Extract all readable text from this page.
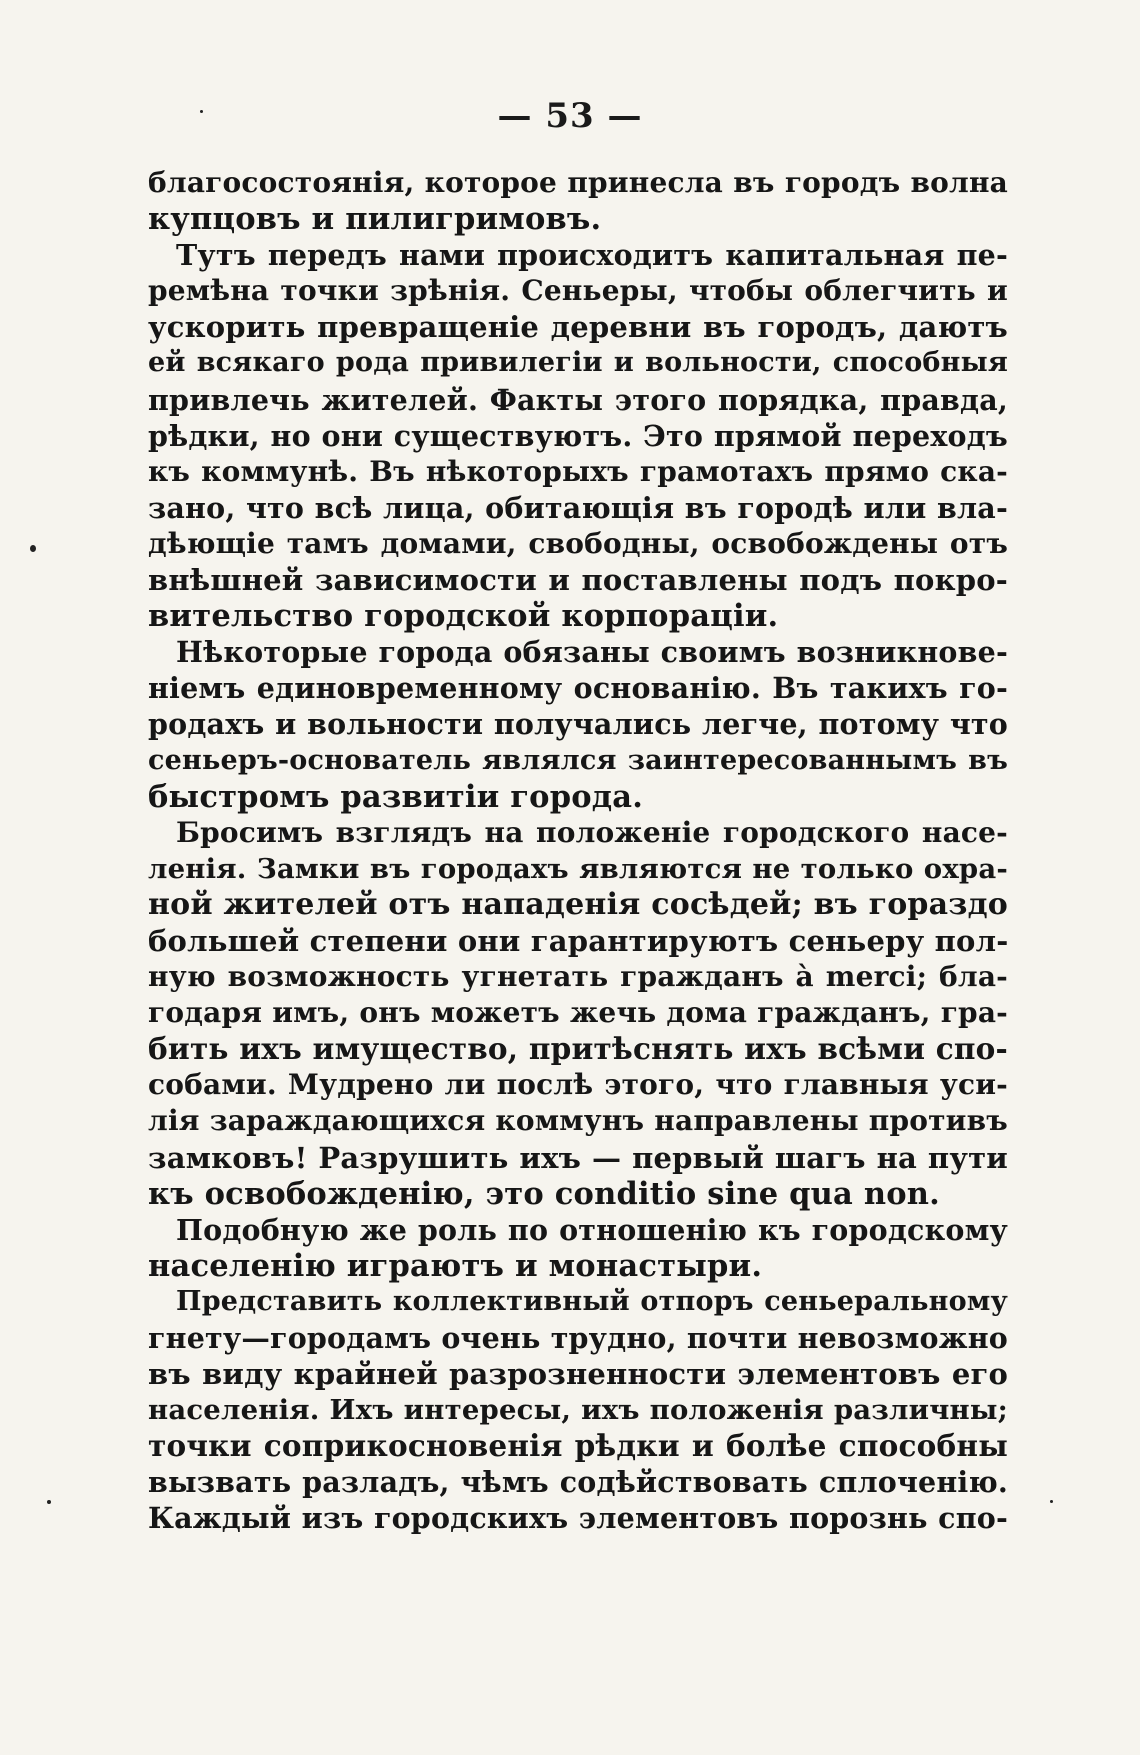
— 53 —
благосостоянія, которое принесла въ городъ волна
купцовъ и пилигримовъ.
Тутъ передъ нами происходитъ капитальная пе-
ремѣна точки зрѣнія. Сеньеры, чтобы облегчить и
ускорить превращеніе деревни въ городъ, даютъ
ей всякаго рода привилегіи и вольности, способныя
привлечь жителей. Факты этого порядка, правда,
рѣдки, но они существуютъ. Это прямой переходъ
къ коммунѣ. Въ нѣкоторыхъ грамотахъ прямо ска-
зано, что всѣ лица, обитающія въ городѣ или вла-
дѣющіе тамъ домами, свободны, освобождены отъ
внѣшней зависимости и поставлены подъ покро-
вительство городской корпораціи.
Нѣкоторые города обязаны своимъ возникнове-
ніемъ единовременному основанію. Въ такихъ го-
родахъ и вольности получались легче, потому что
сеньеръ-основатель являлся заинтересованнымъ въ
быстромъ развитіи города.
Бросимъ взглядъ на положеніе городского насе-
ленія. Замки въ городахъ являются не только охра-
ной жителей отъ нападенія сосѣдей; въ гораздо
большей степени они гарантируютъ сеньеру пол-
ную возможность угнетать гражданъ à merci; бла-
годаря имъ, онъ можетъ жечь дома гражданъ, гра-
бить ихъ имущество, притѣснять ихъ всѣми спо-
собами. Мудрено ли послѣ этого, что главныя уси-
лія зараждающихся коммунъ направлены противъ
замковъ! Разрушить ихъ — первый шагъ на пути
къ освобожденію, это conditio sine qua non.
Подобную же роль по отношенію къ городскому
населенію играютъ и монастыри.
Представить коллективный отпоръ сеньеральному
гнету—городамъ очень трудно, почти невозможно
въ виду крайней разрозненности элементовъ его
населенія. Ихъ интересы, ихъ положенія различны;
точки соприкосновенія рѣдки и болѣе способны
вызвать разладъ, чѣмъ содѣйствовать сплоченію.
Каждый изъ городскихъ элементовъ порознь спо-
